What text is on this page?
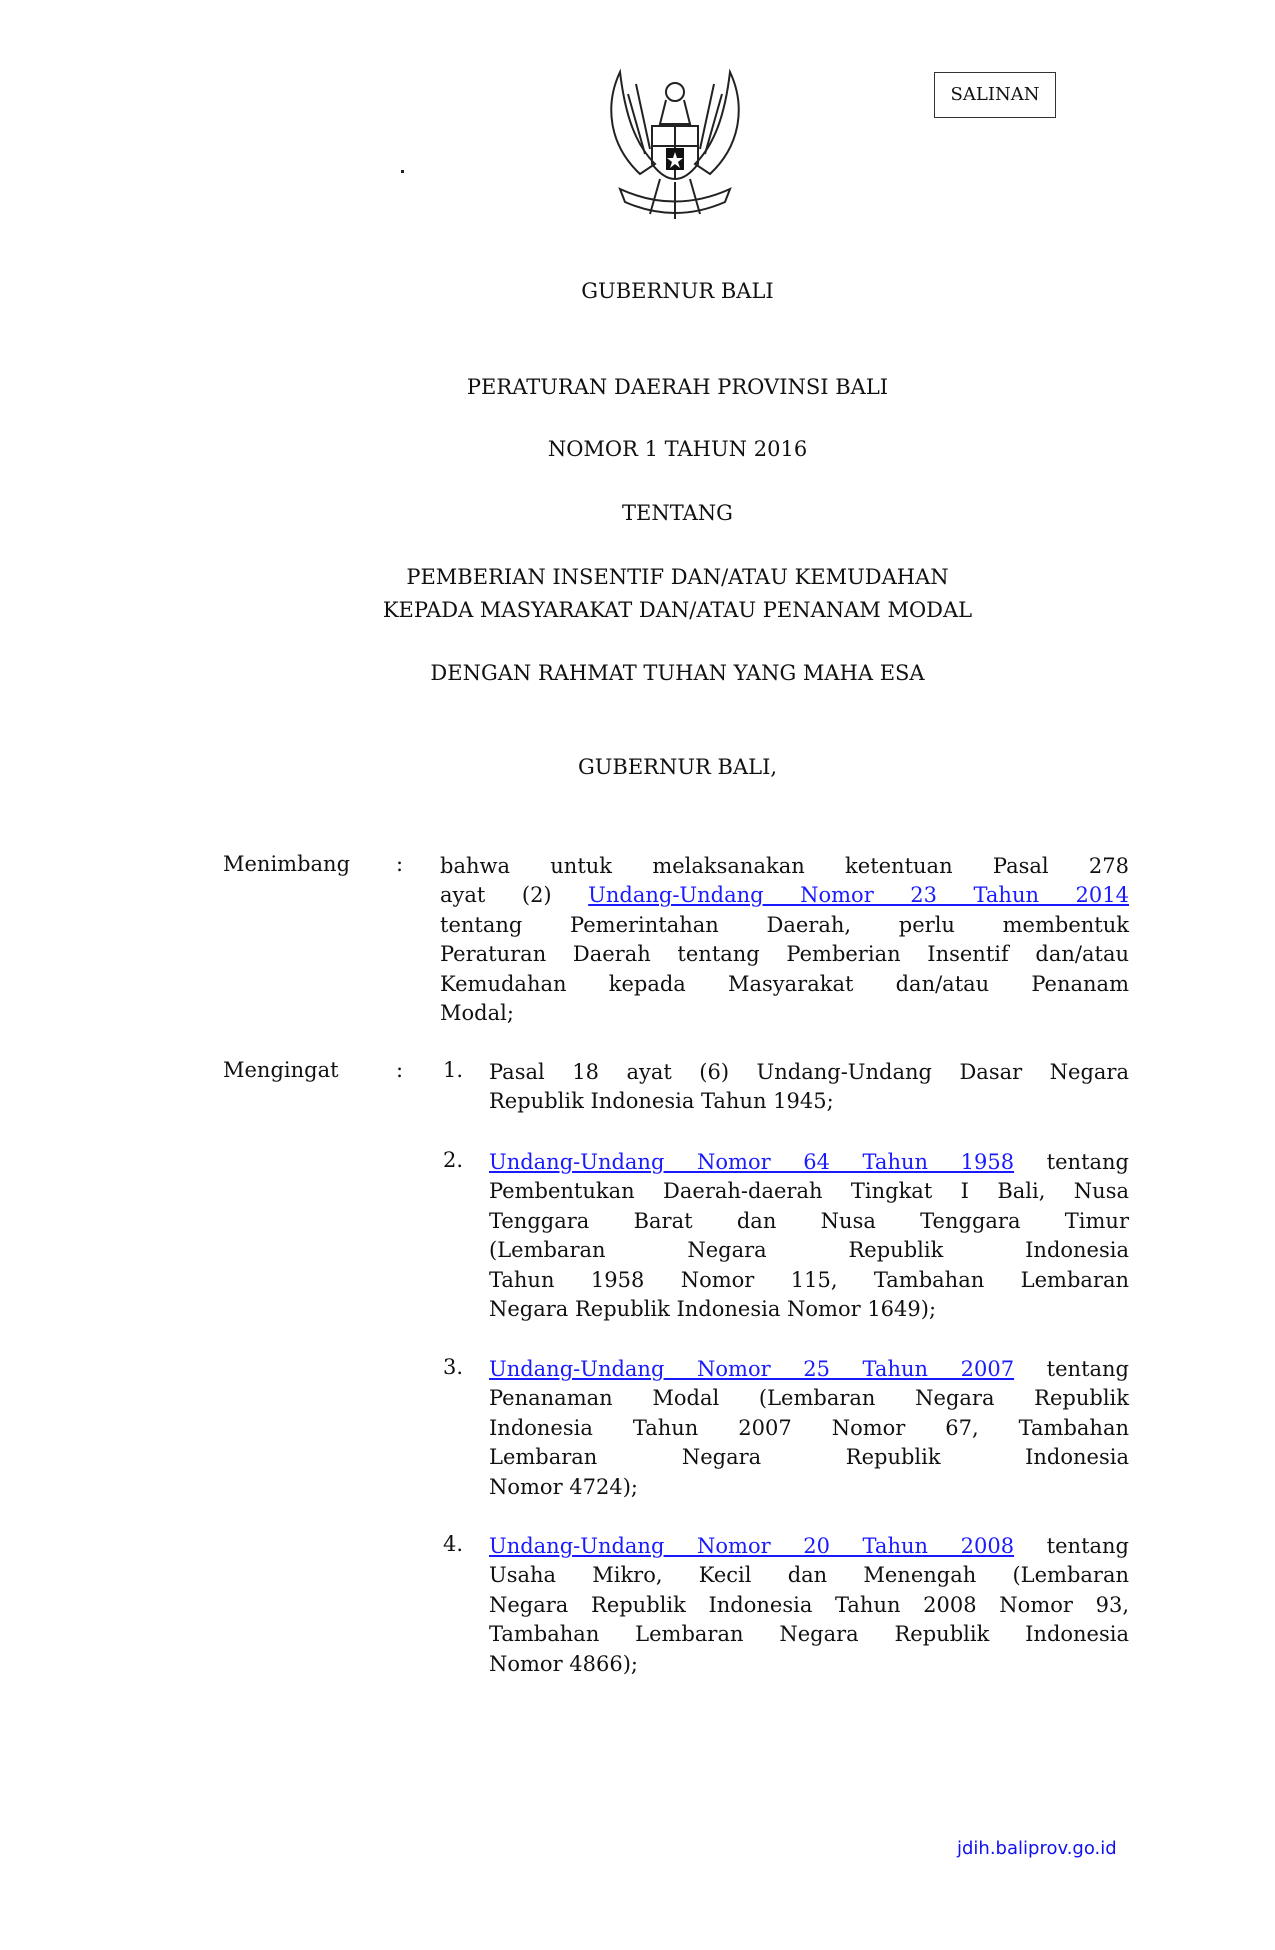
SALINAN
GUBERNUR BALI
PERATURAN DAERAH PROVINSI BALI
NOMOR 1 TAHUN 2016
TENTANG
PEMBERIAN INSENTIF DAN/ATAU KEMUDAHAN
KEPADA MASYARAKAT DAN/ATAU PENANAM MODAL
DENGAN RAHMAT TUHAN YANG MAHA ESA
GUBERNUR BALI,
Menimbang : bahwa untuk melaksanakan ketentuan Pasal 278
ayat (2) Undang-Undang Nomor 23 Tahun 2014
tentang Pemerintahan Daerah, perlu membentuk
Peraturan Daerah tentang Pemberian Insentif dan/atau
Kemudahan kepada Masyarakat dan/atau Penanam
Modal;
Mengingat	: 1. Pasal 18 ayat (6) Undang-Undang Dasar Negara
Republik Indonesia Tahun 1945;
2. Undang-Undang Nomor 64 Tahun 1958 tentang
Pembentukan Daerah-daerah Tingkat I Bali, Nusa
Tenggara Barat dan Nusa Tenggara Timur
(Lembaran Negara Republik Indonesia
Tahun 1958 Nomor 115, Tambahan Lembaran
Negara Republik Indonesia Nomor 1649);
3. Undang-Undang Nomor 25 Tahun 2007 tentang
Penanaman Modal (Lembaran Negara Republik
Indonesia Tahun 2007 Nomor 67, Tambahan
Lembaran Negara Republik Indonesia
Nomor 4724);
4. Undang-Undang Nomor 20 Tahun 2008 tentang
Usaha Mikro, Kecil dan Menengah (Lembaran
Negara Republik Indonesia Tahun 2008 Nomor 93,
Tambahan Lembaran Negara Republik Indonesia
Nomor 4866);
jdih.baliprov.go.id
